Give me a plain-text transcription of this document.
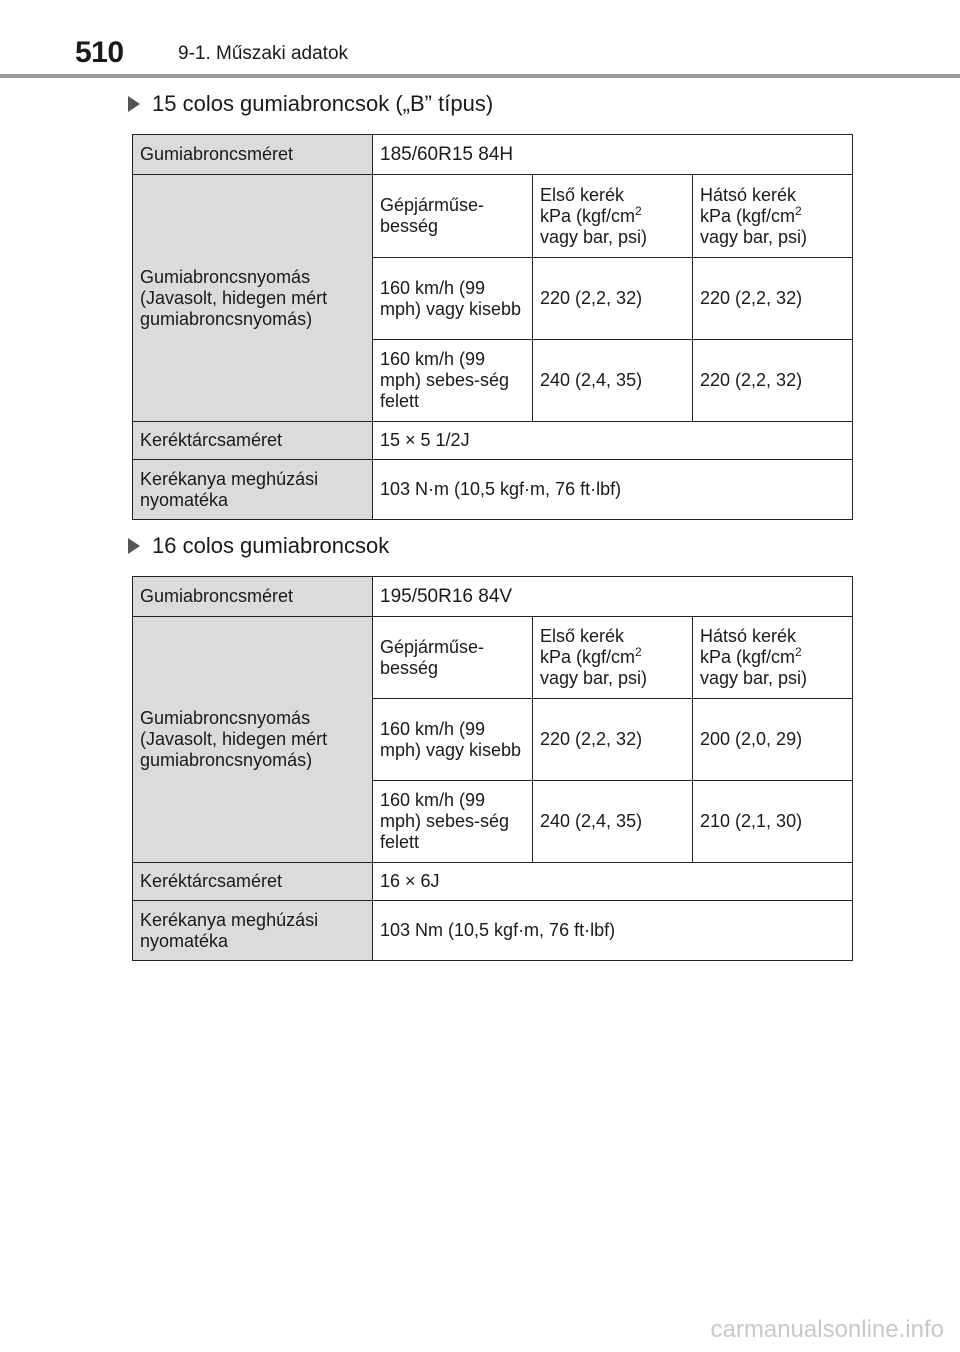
510	9-1. Műszaki adatok
15 colos gumiabroncsok („B” típus)
Gumiabroncsméret	185/60R15 84H		
Gumiabroncsnyomás (Javasolt, hidegen mért gumiabroncsnyomás)	Gépjárműse-besség	Első kerék
kPa ($kgf/cm^2$
vagy bar, psi)	Hátsó kerék
kPa ($kgf/cm^2$
vagy bar, psi)
	160 km/h (99 mph) vagy kisebb	220 (2,2, 32)	220 (2,2, 32)
	160 km/h (99 mph) sebes-ség felett	240 (2,4, 35)	220 (2,2, 32)
Keréktárcsaméret	15 × 5 1/2J		
Kerékanya meghúzási nyomatéka	103 N·m (10,5 kgf·m, 76 ft·lbf)		
16 colos gumiabroncsok
Gumiabroncsméret	195/50R16 84V		
Gumiabroncsnyomás (Javasolt, hidegen mért gumiabroncsnyomás)	Gépjárműse-besség	Első kerék
kPa ($kgf/cm^2$
vagy bar, psi)	Hátsó kerék
kPa ($kgf/cm^2$
vagy bar, psi)
	160 km/h (99 mph) vagy kisebb	220 (2,2, 32)	200 (2,0, 29)
	160 km/h (99 mph) sebes-ség felett	240 (2,4, 35)	210 (2,1, 30)
Keréktárcsaméret	16 × 6J		
Kerékanya meghúzási nyomatéka	103 Nm (10,5 kgf·m, 76 ft·lbf)		
carmanualsonline.info
